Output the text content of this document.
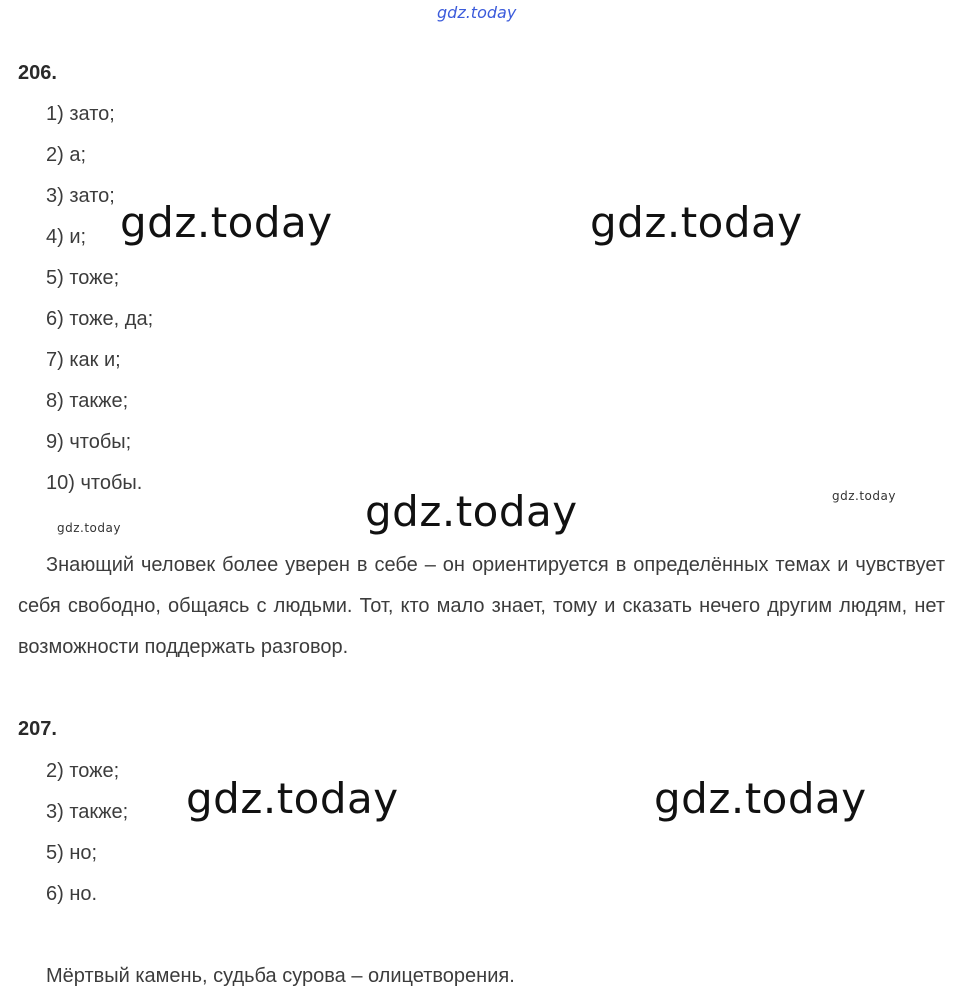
gdz.today
206.
1) зато;
2) а;
3) зато;
4) и;
5) тоже;
6) тоже, да;
7) как и;
8) также;
9) чтобы;
10) чтобы.
Знающий человек более уверен в себе – он ориентируется в определённых темах и чувствует себя свободно, общаясь с людьми. Тот, кто мало знает, тому и сказать нечего другим людям, нет возможности поддержать разговор.
207.
2) тоже;
3) также;
5) но;
6) но.
Мёртвый камень, судьба сурова – олицетворения.
gdz.today	gdz.today
gdz.today
gdz.today	gdz.today
gdz.today
gdz.today
